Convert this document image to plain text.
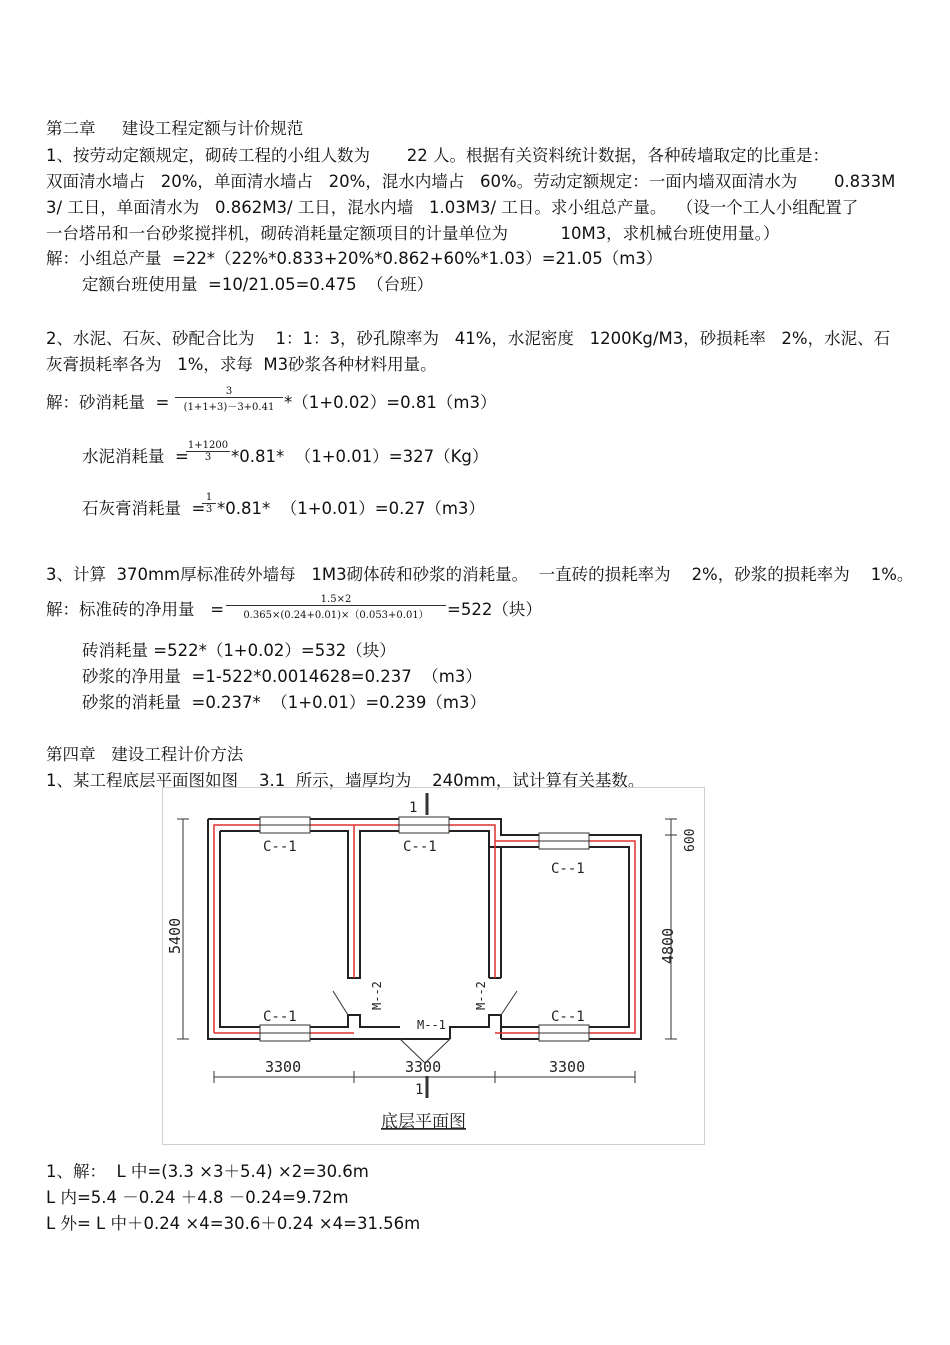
第二章     建设工程定额与计价规范
1、按劳动定额规定，砌砖工程的小组人数为       22 人。根据有关资料统计数据，各种砖墙取定的比重是：
双面清水墙占   20%，单面清水墙占   20%，混水内墙占   60%。劳动定额规定：一面内墙双面清水为       0.833M
3/ 工日，单面清水为   0.862M3/ 工日，混水内墙   1.03M3/ 工日。求小组总产量。  （设一个工人小组配置了
一台塔吊和一台砂浆搅拌机，砌砖消耗量定额项目的计量单位为          10M3，求机械台班使用量。）
解：小组总产量  =22*（22%*0.833+20%*0.862+60%*1.03）=21.05（m3）
定额台班使用量  =10/21.05=0.475  （台班）
2、水泥、石灰、砂配合比为    1：1：3，砂孔隙率为   41%，水泥密度   1200Kg/M3，砂损耗率   2%，水泥、石
灰膏损耗率各为   1%，求每  M3砂浆各种材料用量。
解：砂消耗量  = $\frac{3}{(1+1+3)-3+0.41} *(1+0.02)=0.81(m3)$
水泥消耗量  =
$\frac{1+1200}{3} *0.81*$  （1+0.01）=327（Kg）
石灰膏消耗量  =
$\frac{1}{3} *0.81*$  （1+0.01）=0.27（m3）
3、计算  370mm厚标准砖外墙每   1M3砌体砖和砂浆的消耗量。  一直砖的损耗率为    2%，砂浆的损耗率为    1%。
解：标准砖的净用量   = $\frac{1.5\times 2}{0.365\times(0.24+0.01)\times(0.053+0.01)} =522$（块）
砖消耗量 =522*（1+0.02）=532（块）
砂浆的净用量  =1-522*0.0014628=0.237  （m3）
砂浆的消耗量  =0.237*  （1+0.01）=0.239（m3）
第四章   建设工程计价方法
1、某工程底层平面图如图    3.1  所示，墙厚均为    240mm，试计算有关基数。
C--1	C--1
C--1
C--1	C--1
M--1
M--2	M--2
1
1
5400
600
4800
3300	3300	3300
底层平面图
1、解：  L 中=(3.3 ×3＋5.4) ×2=30.6m
L 内=5.4 －0.24 ＋4.8 －0.24=9.72m
L 外= L 中＋0.24 ×4=30.6＋0.24 ×4=31.56m
